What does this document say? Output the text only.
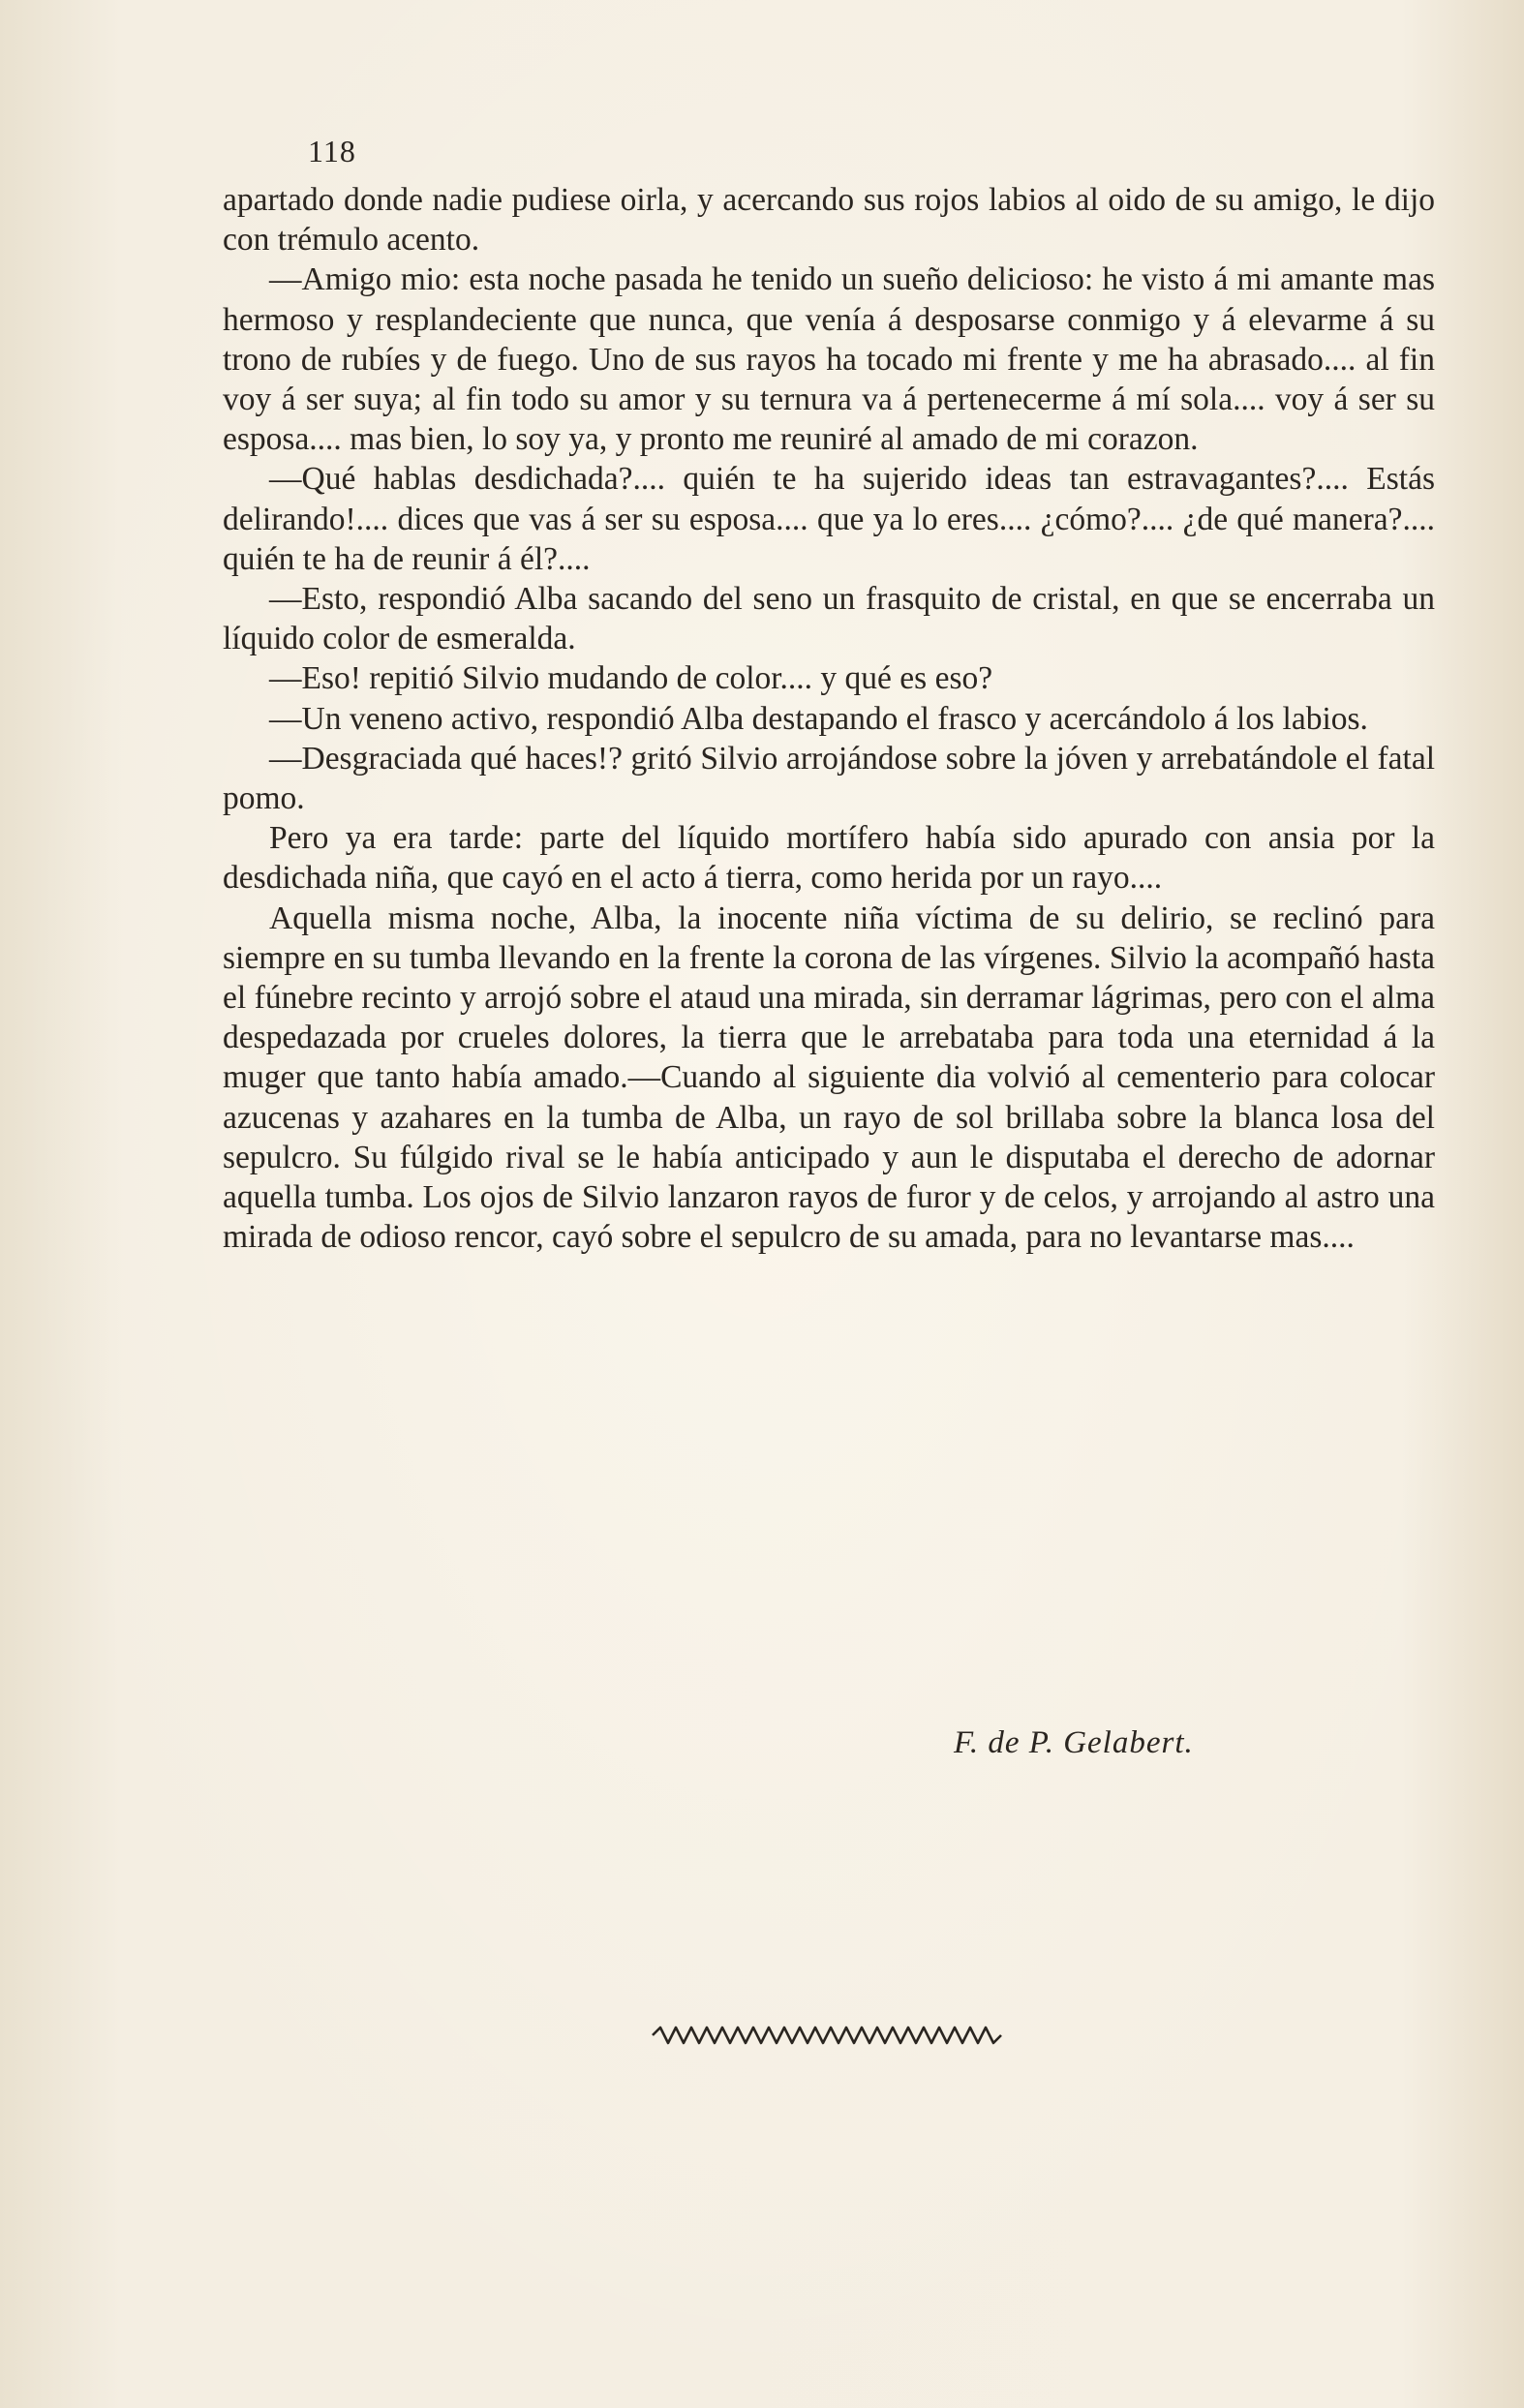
118

apartado donde nadie pudiese oirla, y acercando sus rojos labios al oido de su amigo, le dijo con trémulo acento.

—Amigo mio: esta noche pasada he tenido un sueño delicioso: he visto á mi amante mas hermoso y resplandeciente que nunca, que venía á desposarse conmigo y á elevarme á su trono de rubíes y de fuego. Uno de sus rayos ha tocado mi frente y me ha abrasado.... al fin voy á ser suya; al fin todo su amor y su ternura va á pertenecerme á mí sola.... voy á ser su esposa.... mas bien, lo soy ya, y pronto me reuniré al amado de mi corazon.

—Qué hablas desdichada?.... quién te ha sujerido ideas tan estravagantes?.... Estás delirando!.... dices que vas á ser su esposa.... que ya lo eres.... ¿cómo?.... ¿de qué manera?.... quién te ha de reunir á él?....

—Esto, respondió Alba sacando del seno un frasquito de cristal, en que se encerraba un líquido color de esmeralda.

—Eso! repitió Silvio mudando de color.... y qué es eso?

—Un veneno activo, respondió Alba destapando el frasco y acercándolo á los labios.

—Desgraciada qué haces!? gritó Silvio arrojándose sobre la jóven y arrebatándole el fatal pomo.

Pero ya era tarde: parte del líquido mortífero había sido apurado con ansia por la desdichada niña, que cayó en el acto á tierra, como herida por un rayo....

Aquella misma noche, Alba, la inocente niña víctima de su delirio, se reclinó para siempre en su tumba llevando en la frente la corona de las vírgenes. Silvio la acompañó hasta el fúnebre recinto y arrojó sobre el ataud una mirada, sin derramar lágrimas, pero con el alma despedazada por crueles dolores, la tierra que le arrebataba para toda una eternidad á la muger que tanto había amado.—Cuando al siguiente dia volvió al cementerio para colocar azucenas y azahares en la tumba de Alba, un rayo de sol brillaba sobre la blanca losa del sepulcro. Su fúlgido rival se le había anticipado y aun le disputaba el derecho de adornar aquella tumba. Los ojos de Silvio lanzaron rayos de furor y de celos, y arrojando al astro una mirada de odioso rencor, cayó sobre el sepulcro de su amada, para no levantarse mas....

F. de P. Gelabert.
